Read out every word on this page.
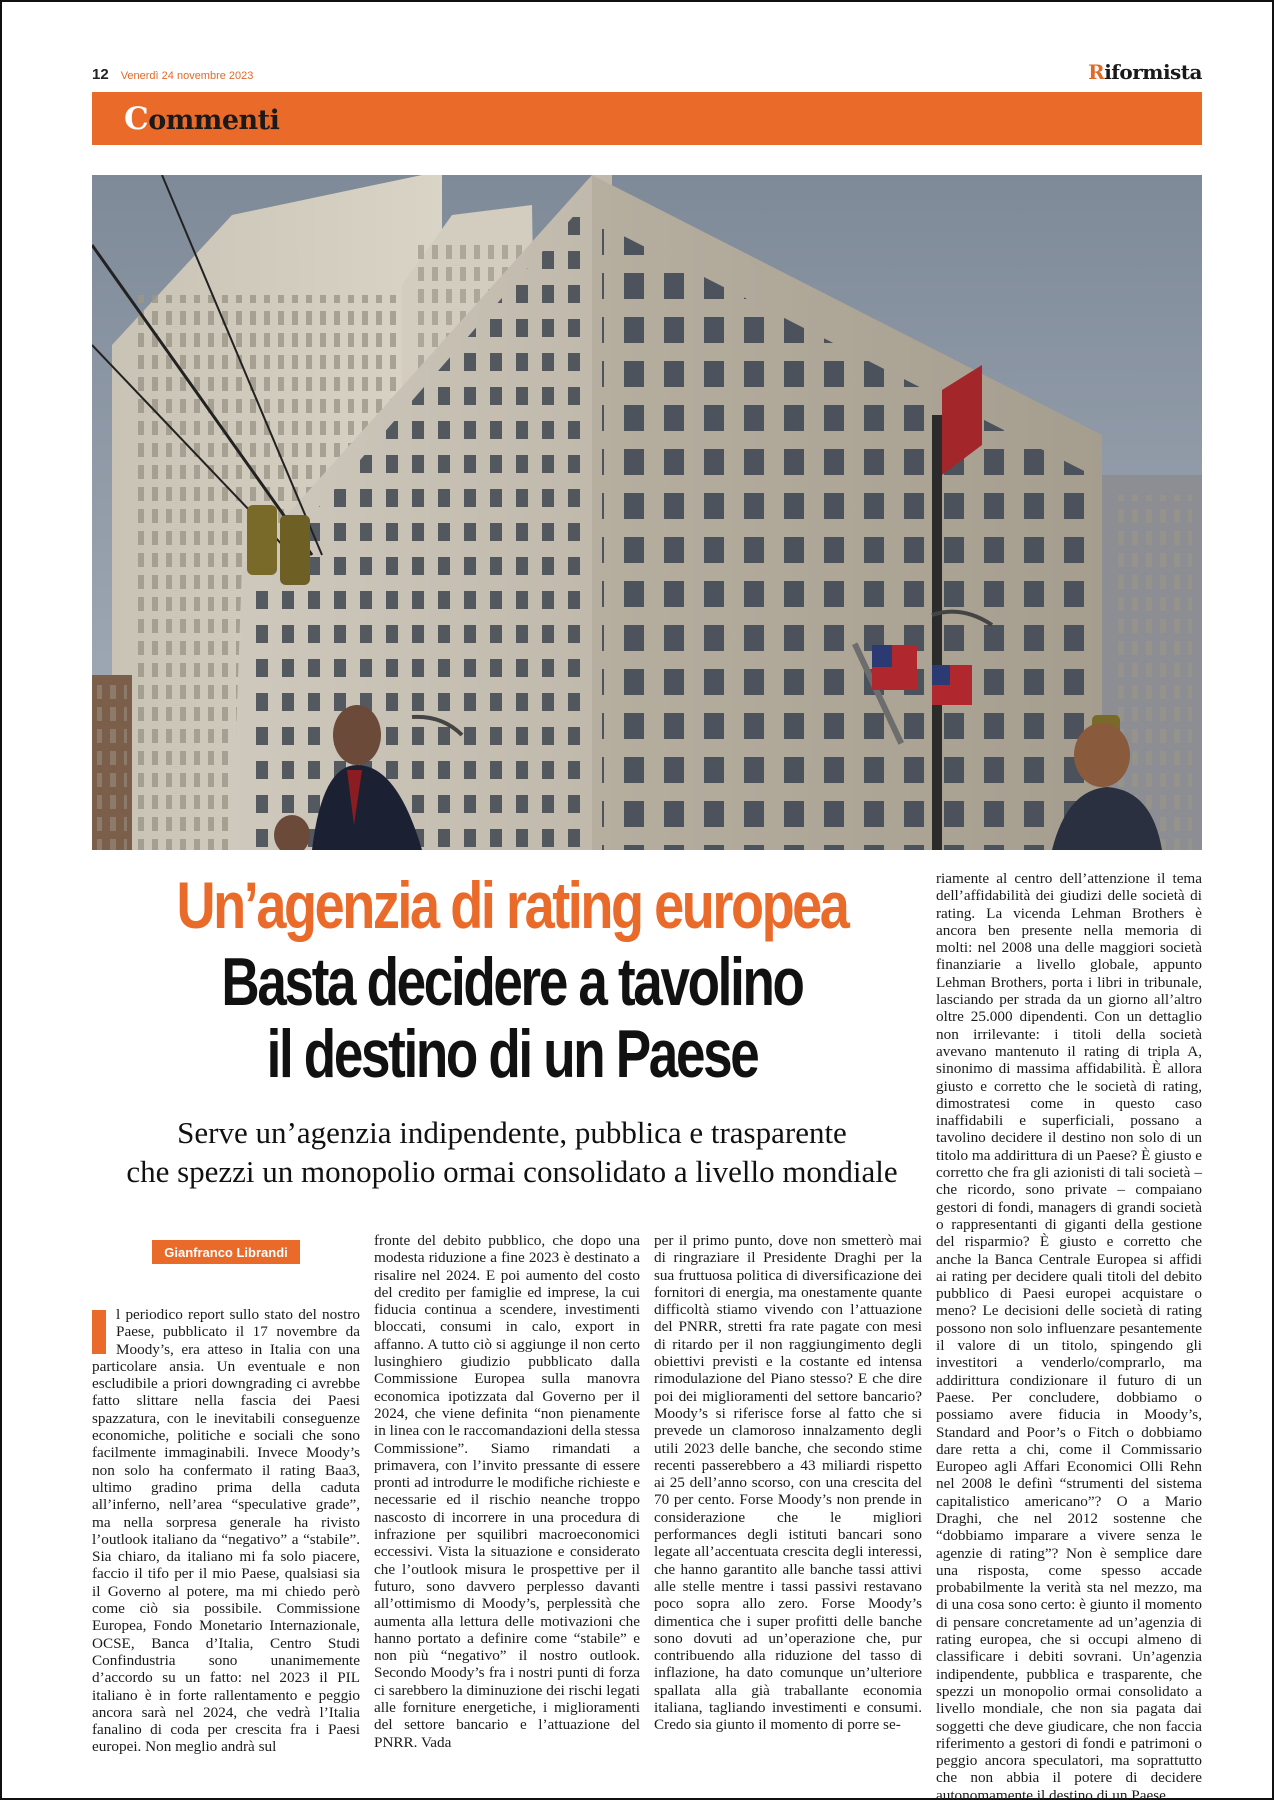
12 Venerdì 24 novembre 2023	Riformista
Commenti
Un’agenzia di rating europea
Basta decidere a tavolino
il destino di un Paese
Serve un’agenzia indipendente, pubblica e trasparente
che spezzi un monopolio ormai consolidato a livello mondiale
Gianfranco Librandi

l periodico report sullo stato del nostro Paese, pubblicato il 17 novembre da Moody’s, era atteso in Italia con una particolare ansia. Un eventuale e non escludibile a priori downgrading ci avrebbe fatto slittare nella fascia dei Paesi spazzatura, con le inevitabili conseguenze economiche, politiche e sociali che sono facilmente immaginabili. Invece Moody’s non solo ha confermato il rating Baa3, ultimo gradino prima della caduta all’inferno, nell’area “speculative grade”, ma nella sorpresa generale ha rivisto l’outlook italiano da “negativo” a “stabile”. Sia chiaro, da italiano mi fa solo piacere, faccio il tifo per il mio Paese, qualsiasi sia il Governo al potere, ma mi chiedo però come ciò sia possibile. Commissione Europea, Fondo Monetario Internazionale, OCSE, Banca d’Italia, Centro Studi Confindustria sono unanimemente d’accordo su un fatto: nel 2023 il PIL italiano è in forte rallentamento e peggio ancora sarà nel 2024, che vedrà l’Italia fanalino di coda per crescita fra i Paesi europei. Non meglio andrà sul

fronte del debito pubblico, che dopo una modesta riduzione a fine 2023 è destinato a risalire nel 2024. E poi aumento del costo del credito per famiglie ed imprese, la cui fiducia continua a scendere, investimenti bloccati, consumi in calo, export in affanno. A tutto ciò si aggiunge il non certo lusinghiero giudizio pubblicato dalla Commissione Europea sulla manovra economica ipotizzata dal Governo per il 2024, che viene definita “non pienamente in linea con le raccomandazioni della stessa Commissione”. Siamo rimandati a primavera, con l’invito pressante di essere pronti ad introdurre le modifiche richieste e necessarie ed il rischio neanche troppo nascosto di incorrere in una procedura di infrazione per squilibri macroeconomici eccessivi. Vista la situazione e considerato che l’outlook misura le prospettive per il futuro, sono davvero perplesso davanti all’ottimismo di Moody’s, perplessità che aumenta alla lettura delle motivazioni che hanno portato a definire come “stabile” e non più “negativo” il nostro outlook. Secondo Moody’s fra i nostri punti di forza ci sarebbero la diminuzione dei rischi legati alle forniture energetiche, i miglioramenti del settore bancario e l’attuazione del PNRR. Vada

per il primo punto, dove non smetterò mai di ringraziare il Presidente Draghi per la sua fruttuosa politica di diversificazione dei fornitori di energia, ma onestamente quante difficoltà stiamo vivendo con l’attuazione del PNRR, stretti fra rate pagate con mesi di ritardo per il non raggiungimento degli obiettivi previsti e la costante ed intensa rimodulazione del Piano stesso? E che dire poi dei miglioramenti del settore bancario? Moody’s si riferisce forse al fatto che si prevede un clamoroso innalzamento degli utili 2023 delle banche, che secondo stime recenti passerebbero a 43 miliardi rispetto ai 25 dell’anno scorso, con una crescita del 70 per cento. Forse Moody’s non prende in considerazione che le migliori performances degli istituti bancari sono legate all’accentuata crescita degli interessi, che hanno garantito alle banche tassi attivi alle stelle mentre i tassi passivi restavano poco sopra allo zero. Forse Moody’s dimentica che i super profitti delle banche sono dovuti ad un’operazione che, pur contribuendo alla riduzione del tasso di inflazione, ha dato comunque un’ulteriore spallata alla già traballante economia italiana, tagliando investimenti e consumi. Credo sia giunto il momento di porre se-

riamente al centro dell’attenzione il tema dell’affidabilità dei giudizi delle società di rating. La vicenda Lehman Brothers è ancora ben presente nella memoria di molti: nel 2008 una delle maggiori società finanziarie a livello globale, appunto Lehman Brothers, porta i libri in tribunale, lasciando per strada da un giorno all’altro oltre 25.000 dipendenti. Con un dettaglio non irrilevante: i titoli della società avevano mantenuto il rating di tripla A, sinonimo di massima affidabilità. È allora giusto e corretto che le società di rating, dimostratesi come in questo caso inaffidabili e superficiali, possano a tavolino decidere il destino non solo di un titolo ma addirittura di un Paese? È giusto e corretto che fra gli azionisti di tali società – che ricordo, sono private – compaiano gestori di fondi, managers di grandi società o rappresentanti di giganti della gestione del risparmio? È giusto e corretto che anche la Banca Centrale Europea si affidi ai rating per decidere quali titoli del debito pubblico di Paesi europei acquistare o meno? Le decisioni delle società di rating possono non solo influenzare pesantemente il valore di un titolo, spingendo gli investitori a venderlo/comprarlo, ma addirittura condizionare il futuro di un Paese. Per concludere, dobbiamo o possiamo avere fiducia in Moody’s, Standard and Poor’s o Fitch o dobbiamo dare retta a chi, come il Commissario Europeo agli Affari Economici Olli Rehn nel 2008 le definì “strumenti del sistema capitalistico americano”? O a Mario Draghi, che nel 2012 sostenne che “dobbiamo imparare a vivere senza le agenzie di rating”? Non è semplice dare una risposta, come spesso accade probabilmente la verità sta nel mezzo, ma di una cosa sono certo: è giunto il momento di pensare concretamente ad un’agenzia di rating europea, che si occupi almeno di classificare i debiti sovrani. Un’agenzia indipendente, pubblica e trasparente, che spezzi un monopolio ormai consolidato a livello mondiale, che non sia pagata dai soggetti che deve giudicare, che non faccia riferimento a gestori di fondi e patrimoni o peggio ancora speculatori, ma soprattutto che non abbia il potere di decidere autonomamente il destino di un Paese.
